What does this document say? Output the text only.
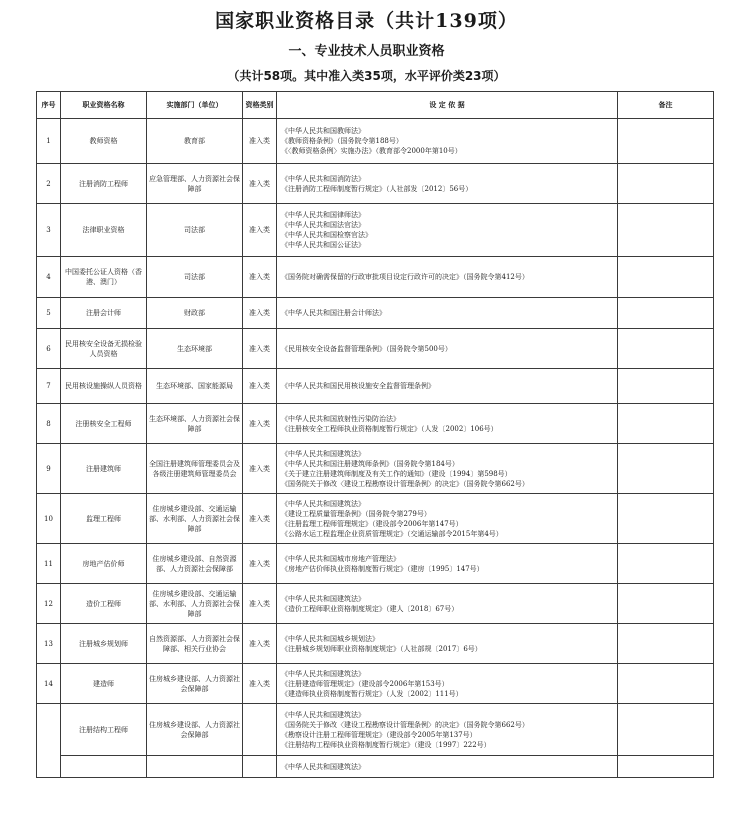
国家职业资格目录（共计139项）
一、专业技术人员职业资格
（共计58项。其中准入类35项，水平评价类23项）
序号	职业资格名称	实施部门（单位）	资格类别	设 定 依 据	备注
1	教师资格	教育部	准入类	《中华人民共和国教师法》
《教师资格条例》（国务院令第188号）
《〈教师资格条例〉实施办法》（教育部令2000年第10号）	

2	注册消防工程师	应急管理部、人力资源社会保障部	准入类	《中华人民共和国消防法》
《注册消防工程师制度暂行规定》（人社部发〔2012〕56号）	

3	法律职业资格	司法部	准入类	《中华人民共和国律师法》
《中华人民共和国法官法》
《中华人民共和国检察官法》
《中华人民共和国公证法》	

4	中国委托公证人资格（香港、澳门）	司法部	准入类	《国务院对确需保留的行政审批项目设定行政许可的决定》（国务院令第412号）	

5	注册会计师	财政部	准入类	《中华人民共和国注册会计师法》	

6	民用核安全设备无损检验人员资格	生态环境部	准入类	《民用核安全设备监督管理条例》（国务院令第500号）	

7	民用核设施操纵人员资格	生态环境部、国家能源局	准入类	《中华人民共和国民用核设施安全监督管理条例》	

8	注册核安全工程师	生态环境部、人力资源社会保障部	准入类	《中华人民共和国放射性污染防治法》
《注册核安全工程师执业资格制度暂行规定》（人发〔2002〕106号）	

9	注册建筑师	全国注册建筑师管理委员会及各级注册建筑师管理委员会	准入类	《中华人民共和国建筑法》
《中华人民共和国注册建筑师条例》（国务院令第184号）
《关于建立注册建筑师制度及有关工作的通知》（建设〔1994〕第598号）
《国务院关于修改〈建设工程勘察设计管理条例〉的决定》（国务院令第662号）	

10	监理工程师	住房城乡建设部、交通运输部、水利部、人力资源社会保障部	准入类	《中华人民共和国建筑法》
《建设工程质量管理条例》（国务院令第279号）
《注册监理工程师管理规定》（建设部令2006年第147号）
《公路水运工程监理企业资质管理规定》（交通运输部令2015年第4号）	

11	房地产估价师	住房城乡建设部、自然资源部、人力资源社会保障部	准入类	《中华人民共和国城市房地产管理法》
《房地产估价师执业资格制度暂行规定》（建房〔1995〕147号）	

12	造价工程师	住房城乡建设部、交通运输部、水利部、人力资源社会保障部	准入类	《中华人民共和国建筑法》
《造价工程师职业资格制度规定》（建人〔2018〕67号）	

13	注册城乡规划师	自然资源部、人力资源社会保障部、相关行业协会	准入类	《中华人民共和国城乡规划法》
《注册城乡规划师职业资格制度规定》（人社部规〔2017〕6号）	

14	建造师	住房城乡建设部、人力资源社会保障部	准入类	《中华人民共和国建筑法》
《注册建造师管理规定》（建设部令2006年第153号）
《建造师执业资格制度暂行规定》（人发〔2002〕111号）	

	注册结构工程师	住房城乡建设部、人力资源社会保障部		《中华人民共和国建筑法》
《国务院关于修改〈建设工程勘察设计管理条例〉的决定》（国务院令第662号）
《勘察设计注册工程师管理规定》（建设部令2005年第137号）
《注册结构工程师执业资格制度暂行规定》（建设〔1997〕222号）	

				《中华人民共和国建筑法》	
